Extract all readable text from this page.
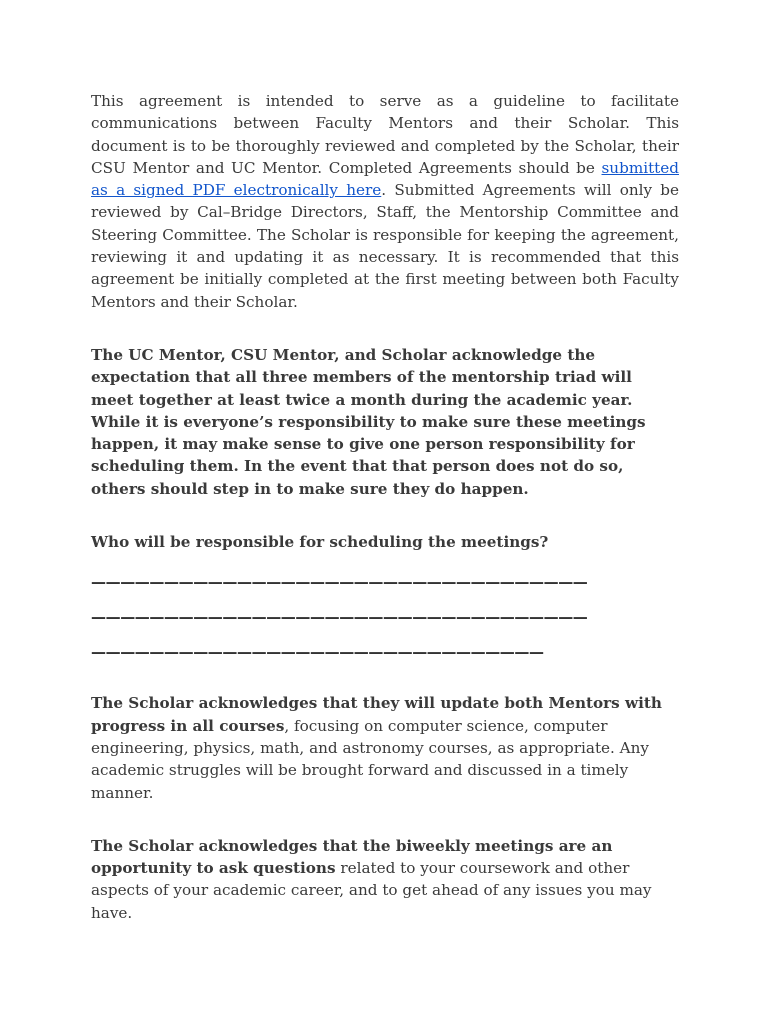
This agreement is intended to serve as a guideline to facilitate communications between Faculty Mentors and their Scholar. This document is to be thoroughly reviewed and completed by the Scholar, their CSU Mentor and UC Mentor. Completed Agreements should be submitted as a signed PDF electronically here. Submitted Agreements will only be reviewed by Cal–Bridge Directors, Staff, the Mentorship Committee and Steering Committee. The Scholar is responsible for keeping the agreement, reviewing it and updating it as necessary. It is recommended that this agreement be initially completed at the first meeting between both Faculty Mentors and their Scholar.

The UC Mentor, CSU Mentor, and Scholar acknowledge the expectation that all three members of the mentorship triad will meet together at least twice a month during the academic year. While it is everyone’s responsibility to make sure these meetings happen, it may make sense to give one person responsibility for scheduling them. In the event that that person does not do so, others should step in to make sure they do happen.

Who will be responsible for scheduling the meetings?

——————————————————————————————————
——————————————————————————————————
———————————————————————————————

The Scholar acknowledges that they will update both Mentors with progress in all courses, focusing on computer science, computer engineering, physics, math, and astronomy courses, as appropriate. Any academic struggles will be brought forward and discussed in a timely manner.

The Scholar acknowledges that the biweekly meetings are an opportunity to ask questions related to your coursework and other aspects of your academic career, and to get ahead of any issues you may have.
